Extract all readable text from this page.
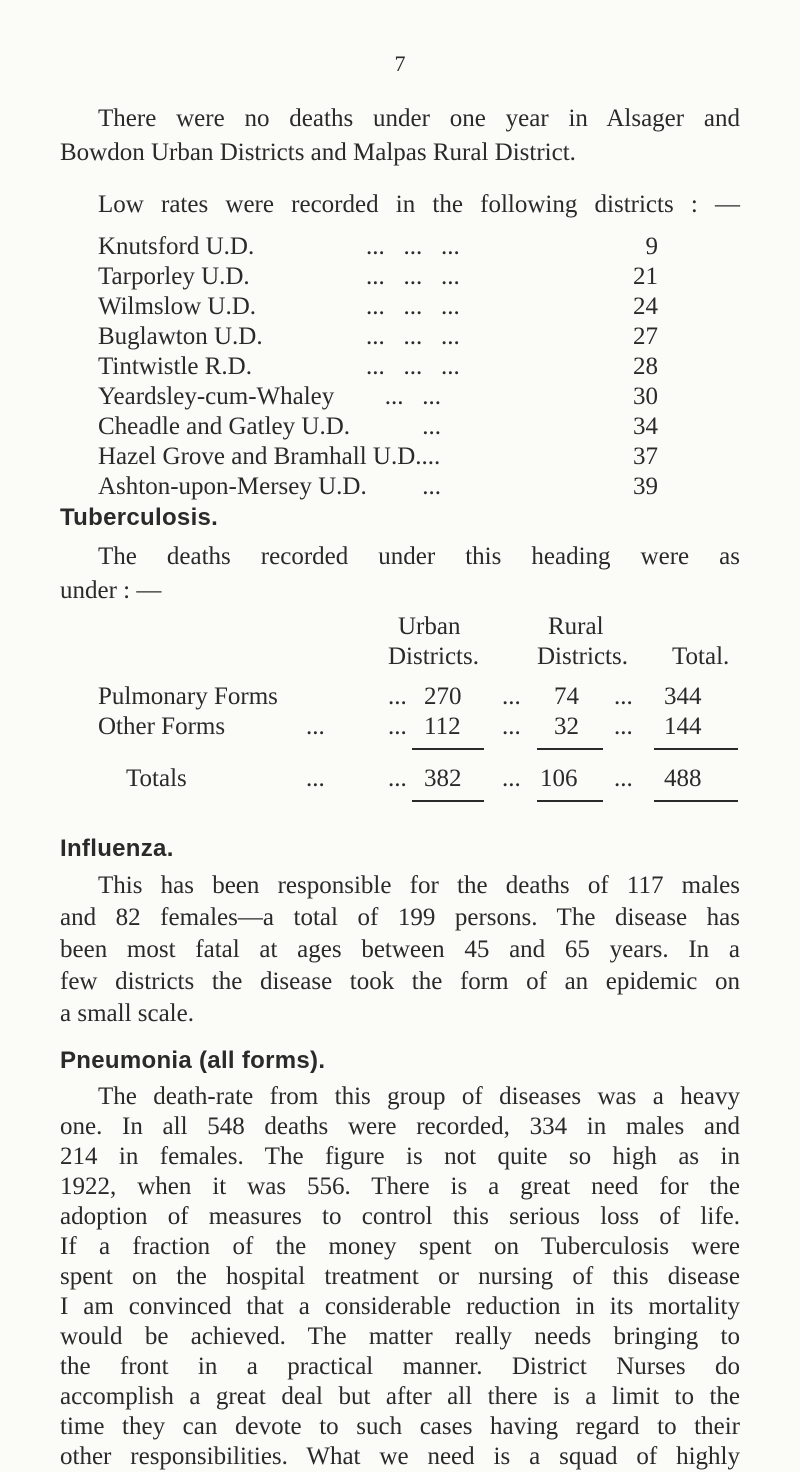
7
There were no deaths under one year in Alsager and
Bowdon Urban Districts and Malpas Rural District.
Low rates were recorded in the following districts : —
Knutsford U.D.	...   ...   ...	9
Tarporley U.D.	...   ...   ...	21
Wilmslow U.D.	...   ...   ...	24
Buglawton U.D.	...   ...   ...	27
Tintwistle R.D.	...   ...   ...	28
Yeardsley-cum-Whaley ...   ...	30
Cheadle and Gatley U.D. ...	34
Hazel Grove and Bramhall U.D....	37
Ashton-upon-Mersey U.D. ...	39
Tuberculosis.
The deaths recorded under this heading were as
under : —
Urban
Districts.
Rural
Districts. Total.
Pulmonary Forms	... 270 ... 74 ... 344
Other Forms	...	... 112 ... 32 ... 144
Totals	...	... 382 ... 106 ... 488
Influenza.
This has been responsible for the deaths of 117 males
and 82 females—a total of 199 persons. The disease has
been most fatal at ages between 45 and 65 years. In a
few districts the disease took the form of an epidemic on
a small scale.
Pneumonia (all forms).
The death-rate from this group of diseases was a heavy
one. In all 548 deaths were recorded, 334 in males and
214 in females. The figure is not quite so high as in
1922, when it was 556. There is a great need for the
adoption of measures to control this serious loss of life.
If a fraction of the money spent on Tuberculosis were
spent on the hospital treatment or nursing of this disease
I am convinced that a considerable reduction in its mortality
would be achieved. The matter really needs bringing to
the front in a practical manner. District Nurses do
accomplish a great deal but after all there is a limit to the
time they can devote to such cases having regard to their
other responsibilities. What we need is a squad of highly
